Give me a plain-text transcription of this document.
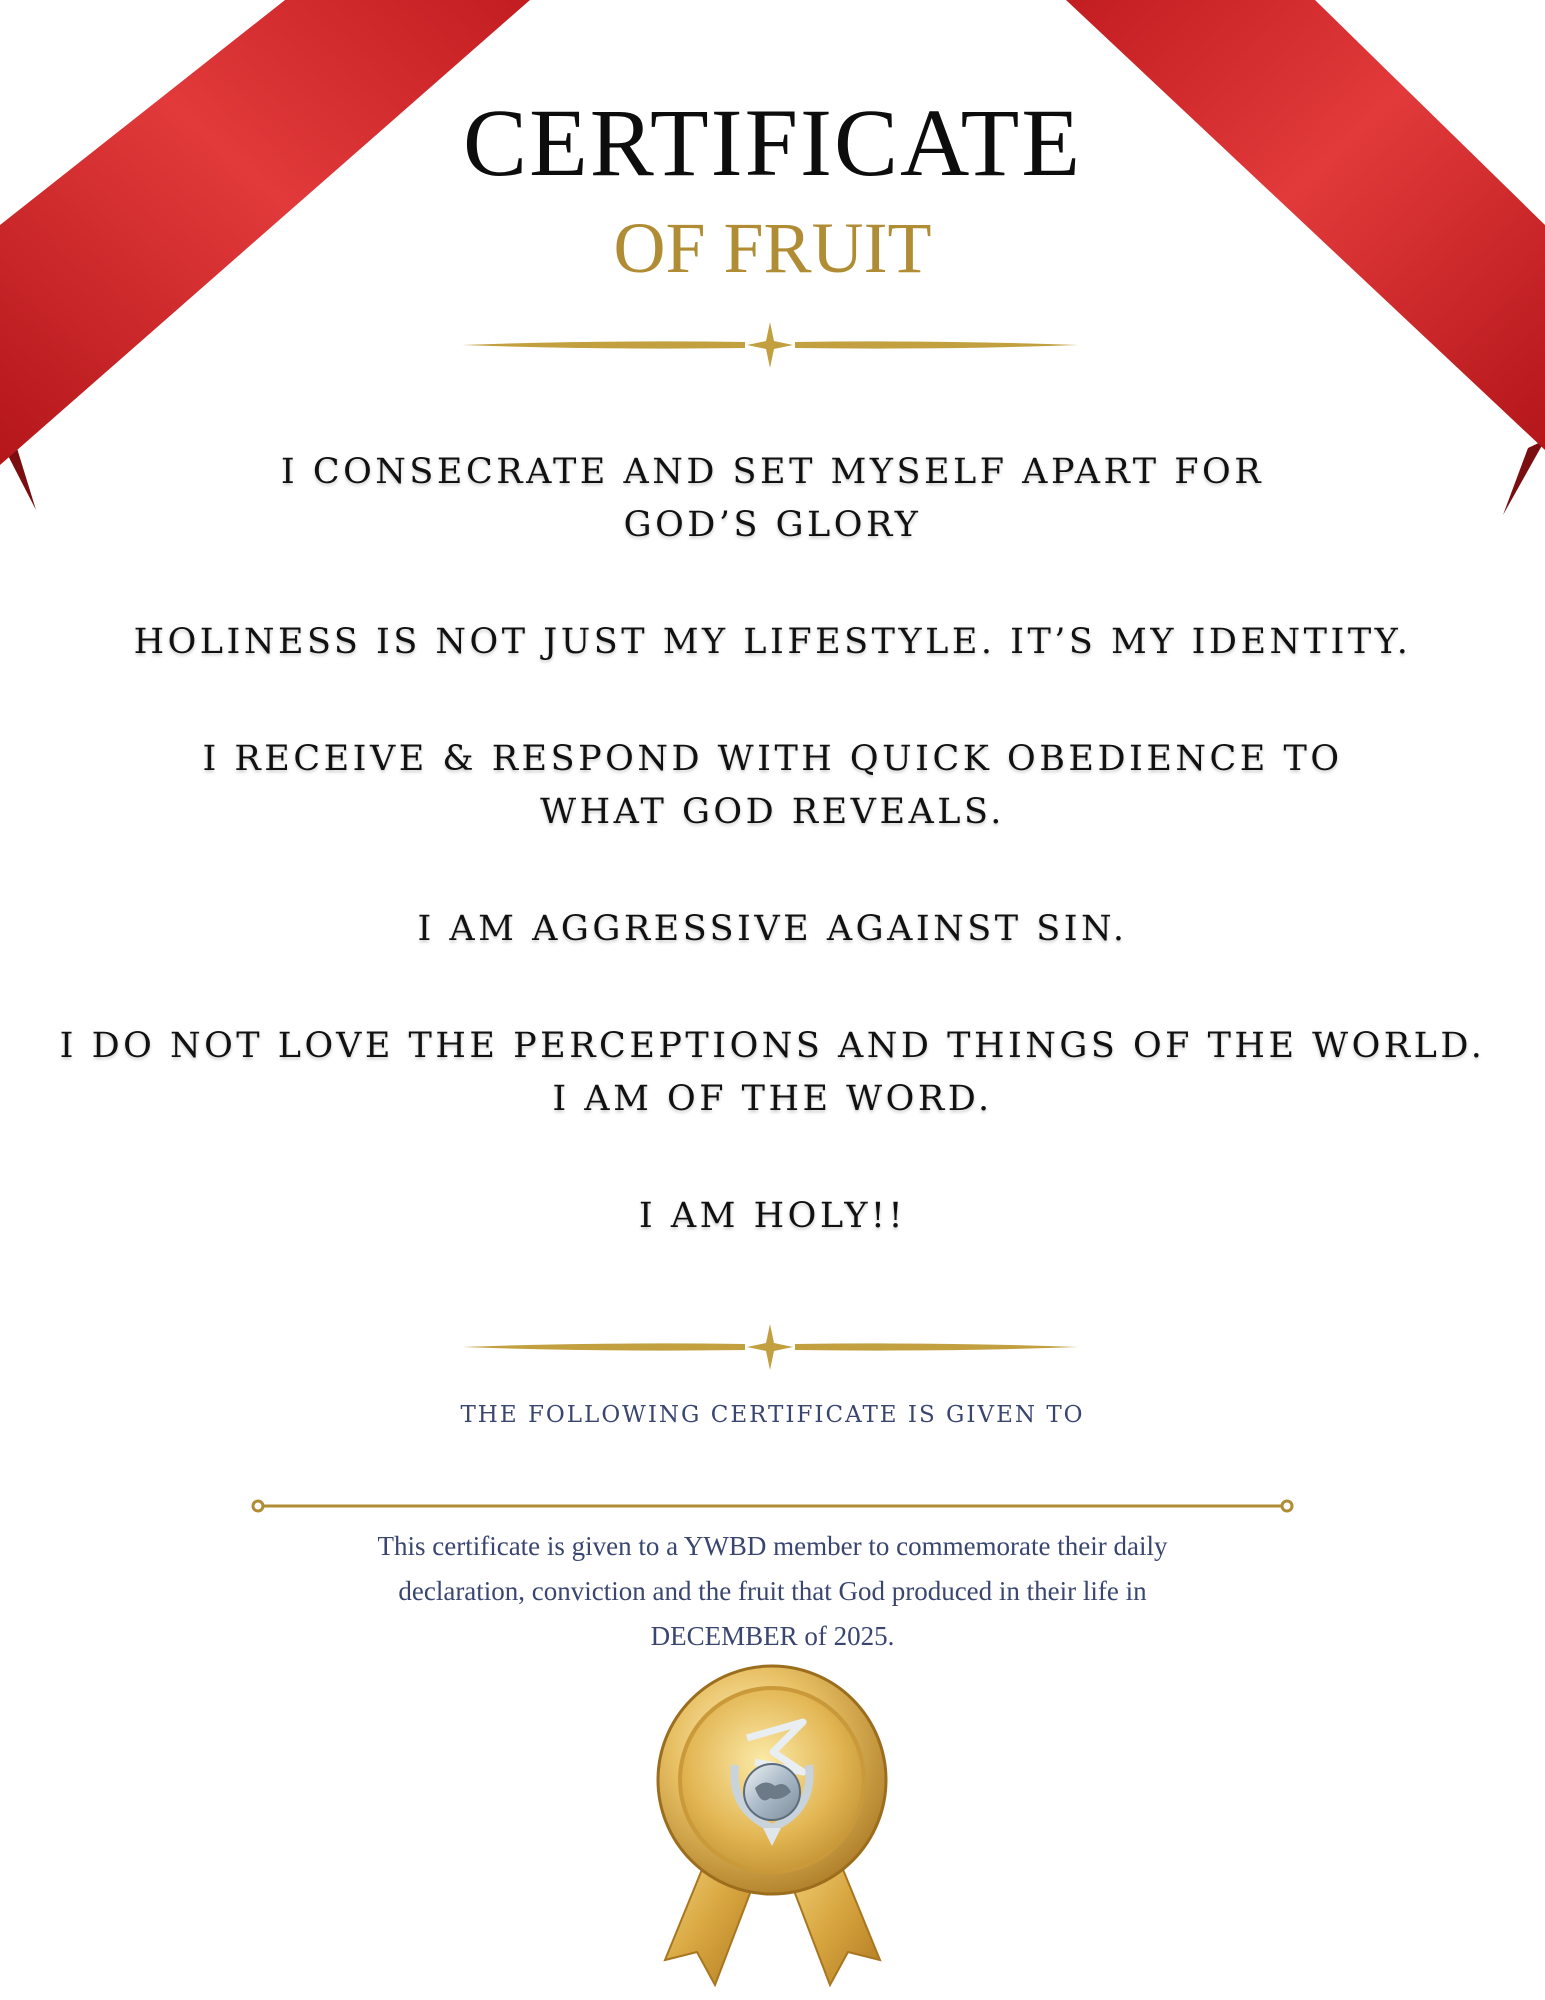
CERTIFICATE
OF FRUIT
I CONSECRATE AND SET MYSELF APART FOR
GOD’S GLORY
HOLINESS IS NOT JUST MY LIFESTYLE. IT’S MY IDENTITY.
I RECEIVE & RESPOND WITH QUICK OBEDIENCE TO
WHAT GOD REVEALS.
I AM AGGRESSIVE AGAINST SIN.
I DO NOT LOVE THE PERCEPTIONS AND THINGS OF THE WORLD.
I AM OF THE WORD.
I AM HOLY!!
THE FOLLOWING CERTIFICATE IS GIVEN TO
This certificate is given to a YWBD member to commemorate their daily
declaration, conviction and the fruit that God produced in their life in
DECEMBER of 2025.
